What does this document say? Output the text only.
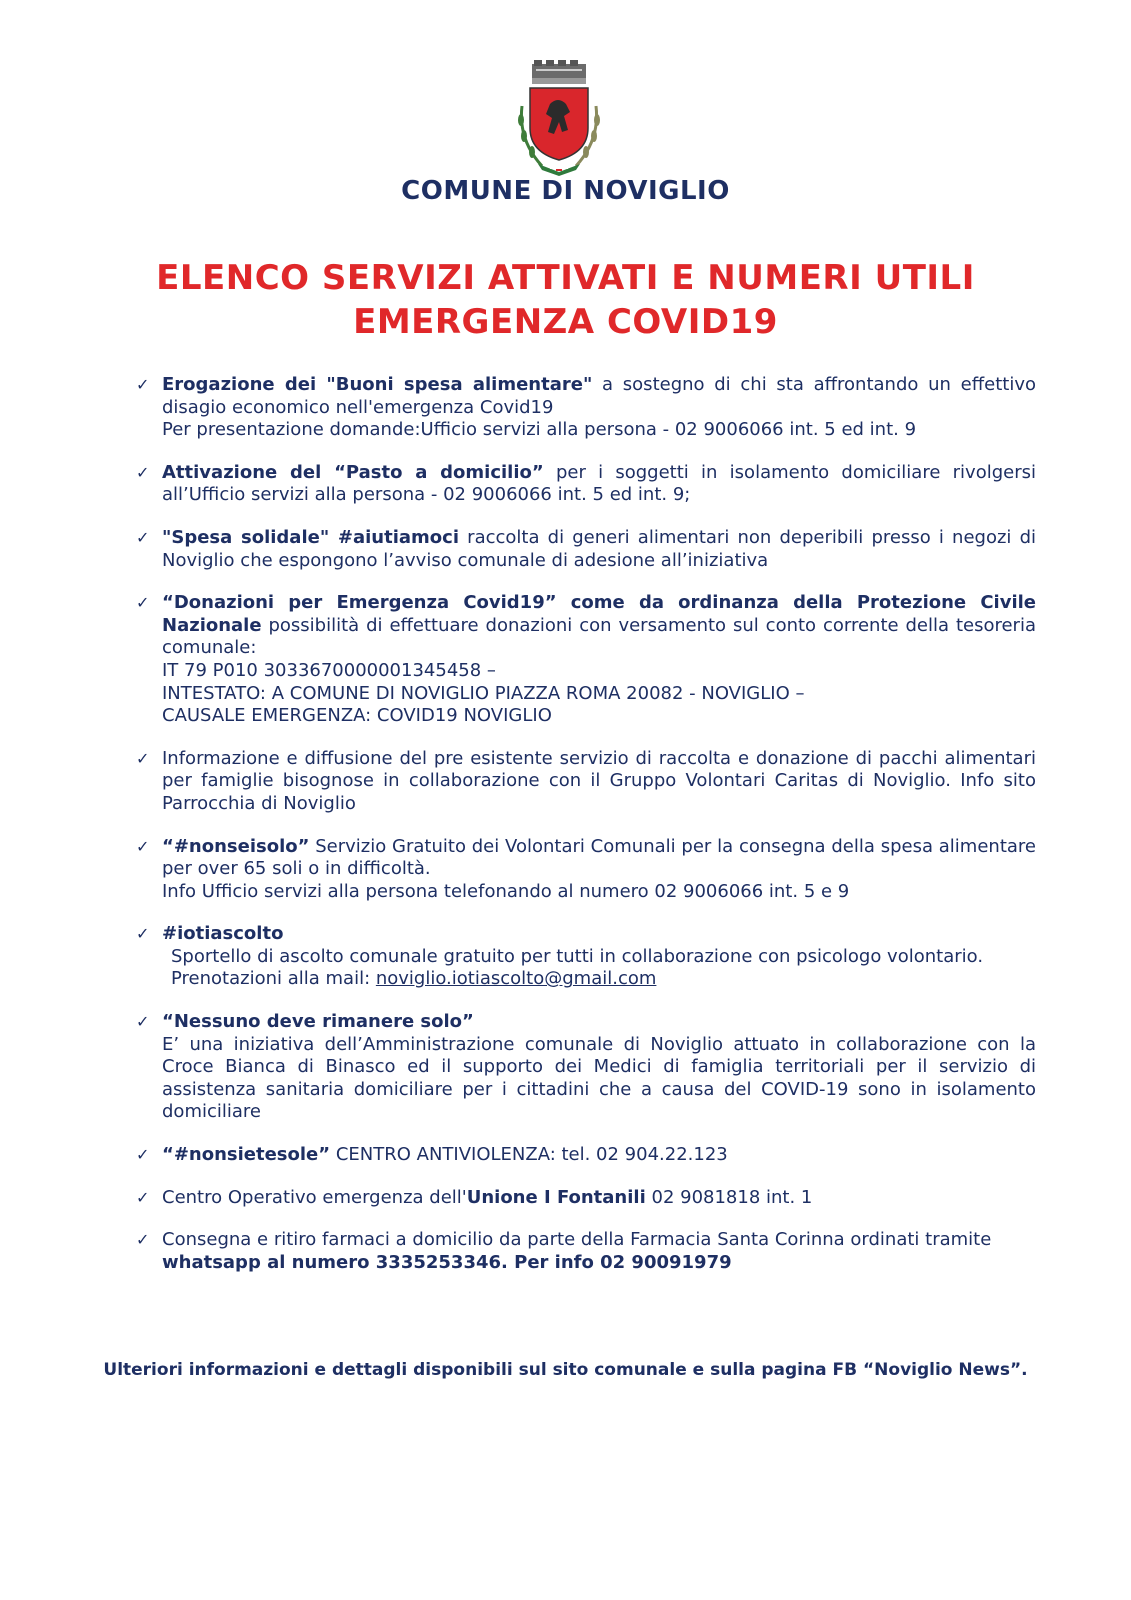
COMUNE DI NOVIGLIO
ELENCO SERVIZI ATTIVATI E NUMERI UTILI
EMERGENZA COVID19
✓ Erogazione dei "Buoni spesa alimentare" a sostegno di chi sta affrontando un effettivo disagio economico nell'emergenza Covid19
Per presentazione domande:Ufficio servizi alla persona - 02 9006066 int. 5 ed int. 9
✓ Attivazione del “Pasto a domicilio” per i soggetti in isolamento domiciliare rivolgersi all’Ufficio servizi alla persona - 02 9006066 int. 5 ed int. 9;
✓ "Spesa solidale" #aiutiamoci raccolta di generi alimentari non deperibili presso i negozi di Noviglio che espongono l’avviso comunale di adesione all’iniziativa
✓ “Donazioni per Emergenza Covid19” come da ordinanza della Protezione Civile Nazionale possibilità di effettuare donazioni con versamento sul conto corrente della tesoreria comunale:
IT 79 P010 3033670000001345458 –
INTESTATO: A COMUNE DI NOVIGLIO PIAZZA ROMA 20082 - NOVIGLIO –
CAUSALE EMERGENZA: COVID19 NOVIGLIO
✓ Informazione e diffusione del pre esistente servizio di raccolta e donazione di pacchi alimentari per famiglie bisognose in collaborazione con il Gruppo Volontari Caritas di Noviglio. Info sito Parrocchia di Noviglio
✓ “#nonseisolo” Servizio Gratuito dei Volontari Comunali per la consegna della spesa alimentare per over 65 soli o in difficoltà.
Info Ufficio servizi alla persona telefonando al numero 02 9006066 int. 5 e 9
✓ #iotiascolto
Sportello di ascolto comunale gratuito per tutti in collaborazione con psicologo volontario.
Prenotazioni alla mail: noviglio.iotiascolto@gmail.com
✓ “Nessuno deve rimanere solo”
E’ una iniziativa dell’Amministrazione comunale di Noviglio attuato in collaborazione con la Croce Bianca di Binasco ed il supporto dei Medici di famiglia territoriali per il servizio di assistenza sanitaria domiciliare per i cittadini che a causa del COVID-19 sono in isolamento domiciliare
✓ “#nonsietesole” CENTRO ANTIVIOLENZA: tel. 02 904.22.123
✓ Centro Operativo emergenza dell'Unione I Fontanili 02 9081818 int. 1
✓ Consegna e ritiro farmaci a domicilio da parte della Farmacia Santa Corinna ordinati tramite whatsapp al numero 3335253346. Per info 02 90091979
Ulteriori informazioni e dettagli disponibili sul sito comunale e sulla pagina FB “Noviglio News”.
